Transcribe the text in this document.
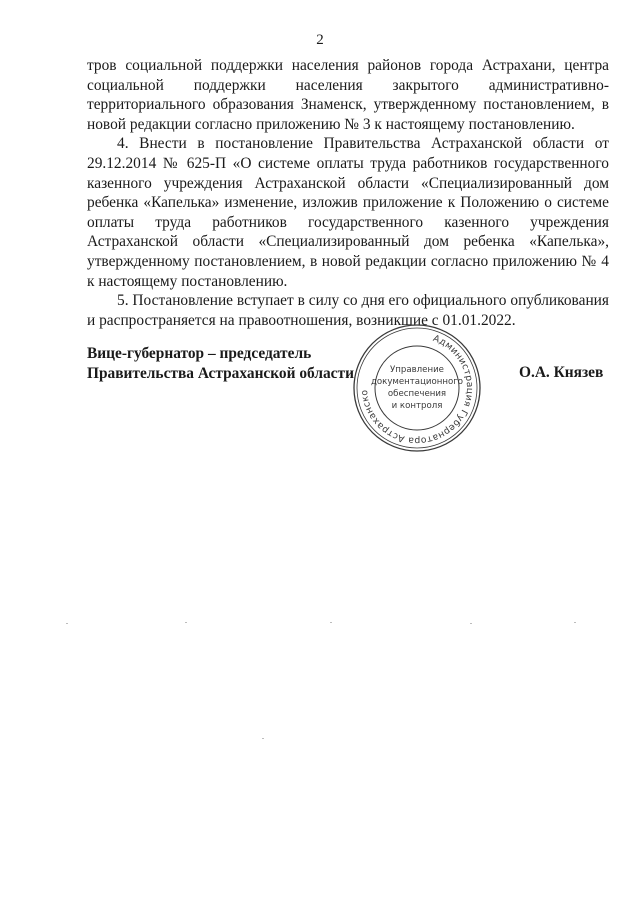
2

тров социальной поддержки населения районов города Астрахани, центра социальной поддержки населения закрытого административно-территориального образования Знаменск, утвержденному постановлением, в новой редакции согласно приложению № 3 к настоящему постановлению.

4. Внести в постановление Правительства Астраханской области от 29.12.2014 № 625-П «О системе оплаты труда работников государственного казенного учреждения Астраханской области «Специализированный дом ребенка «Капелька» изменение, изложив приложение к Положению о системе оплаты труда работников государственного казенного учреждения Астраханской области «Специализированный дом ребенка «Капелька», утвержденному постановлением, в новой редакции согласно приложению № 4 к настоящему постановлению.

5. Постановление вступает в силу со дня его официального опубликования и распространяется на правоотношения, возникшие с 01.01.2022.

Вице-губернатор – председатель
Правительства Астраханской области
Администрация Губернатора Астраханско
Управление
документационного
обеспечения
и контроля
О.А. Князев
